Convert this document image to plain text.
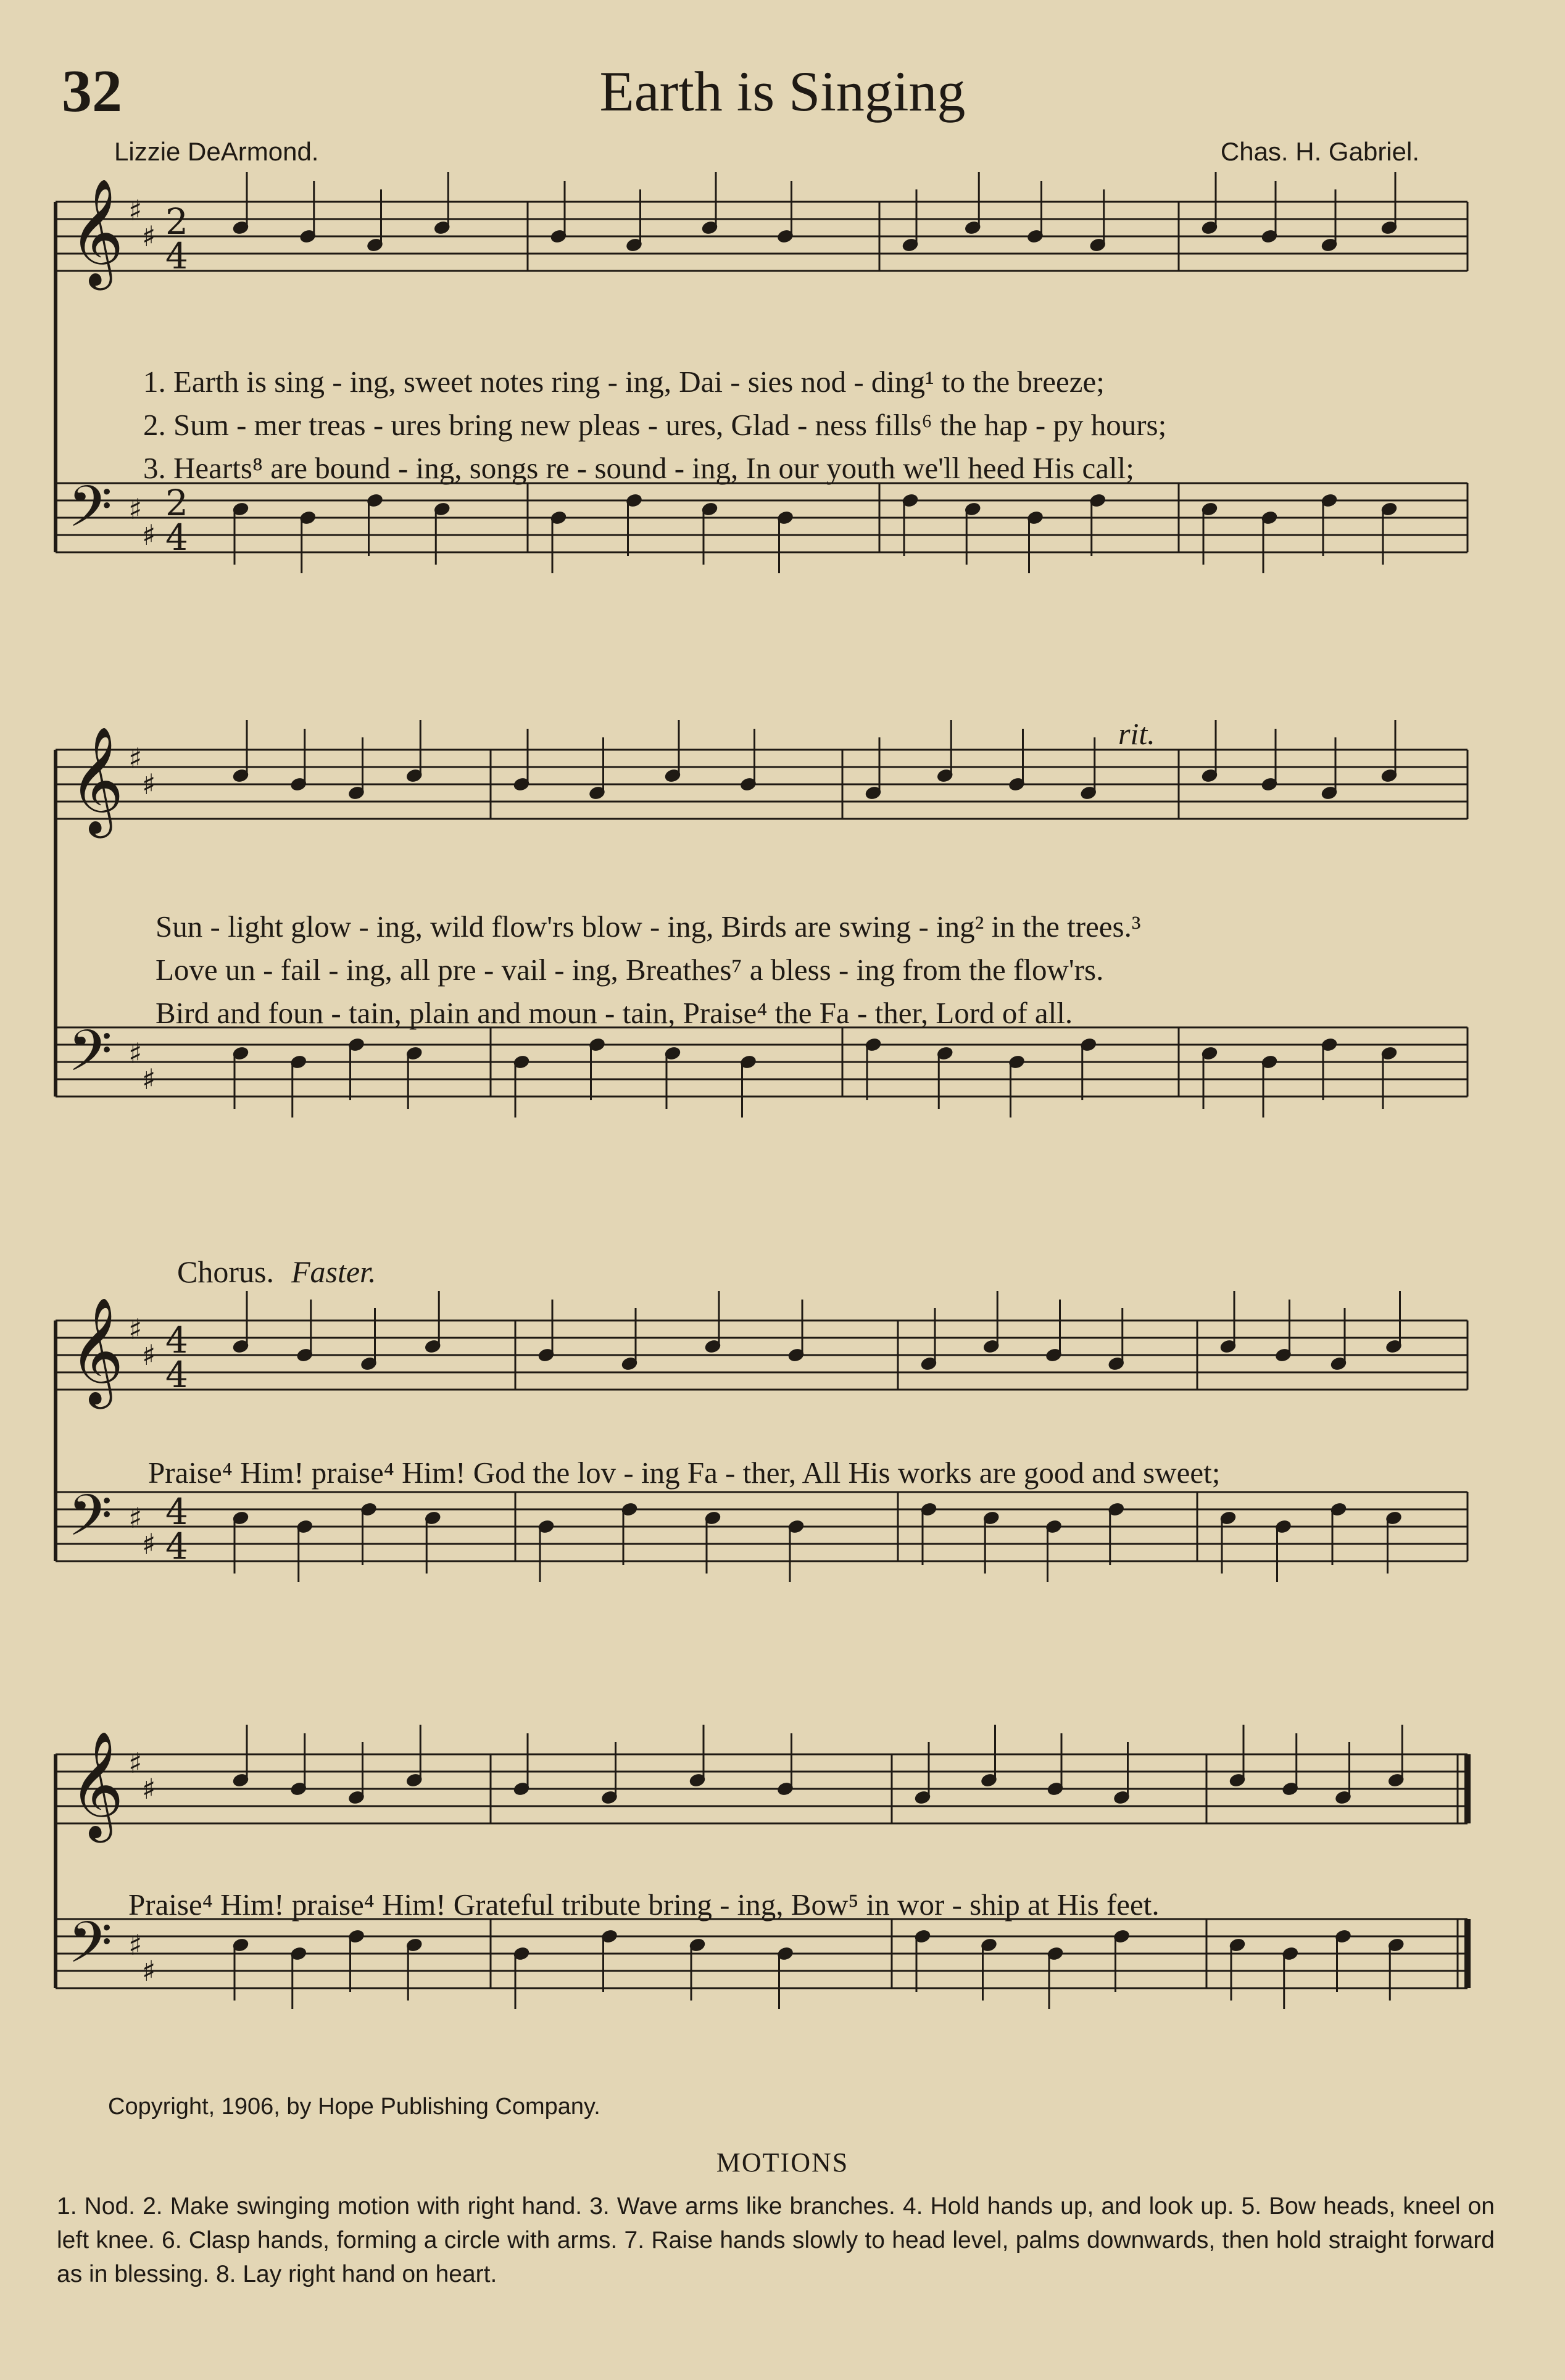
32	Earth is Singing
Lizzie DeArmond.	Chas. H. Gabriel.
𝄞 ♯
♯ 2
4
𝄢 ♯
♯
2
4
𝄞 ♯
♯
𝄢 ♯
♯
𝄞 ♯
♯ 4
4
𝄢 ♯
♯
4
4
𝄞 ♯
♯
𝄢 ♯
♯
1. Earth is sing - ing, sweet notes ring - ing, Dai - sies nod - ding¹ to the breeze;
2. Sum - mer treas - ures bring new pleas - ures, Glad - ness fills⁶ the hap - py hours;
3. Hearts⁸ are bound - ing, songs re - sound - ing, In our youth we'll heed His call;
rit.
Sun - light glow - ing, wild flow'rs blow - ing, Birds are swing - ing² in the trees.³
Love un - fail - ing, all pre - vail - ing, Breathes⁷ a bless - ing from the flow'rs.
Bird and foun - tain, plain and moun - tain, Praise⁴ the Fa - ther, Lord of all.
Chorus. Faster.
Praise⁴ Him! praise⁴ Him! God the lov - ing Fa - ther, All His works are good and sweet;
Praise⁴ Him! praise⁴ Him! Grateful tribute bring - ing, Bow⁵ in wor - ship at His feet.
Copyright, 1906, by Hope Publishing Company.
MOTIONS
1. Nod. 2. Make swinging motion with right hand. 3. Wave arms like branches. 4. Hold hands up, and look up. 5. Bow heads, kneel on left knee. 6. Clasp hands, forming a circle with arms. 7. Raise hands slowly to head level, palms downwards, then hold straight forward as in blessing. 8. Lay right hand on heart.
